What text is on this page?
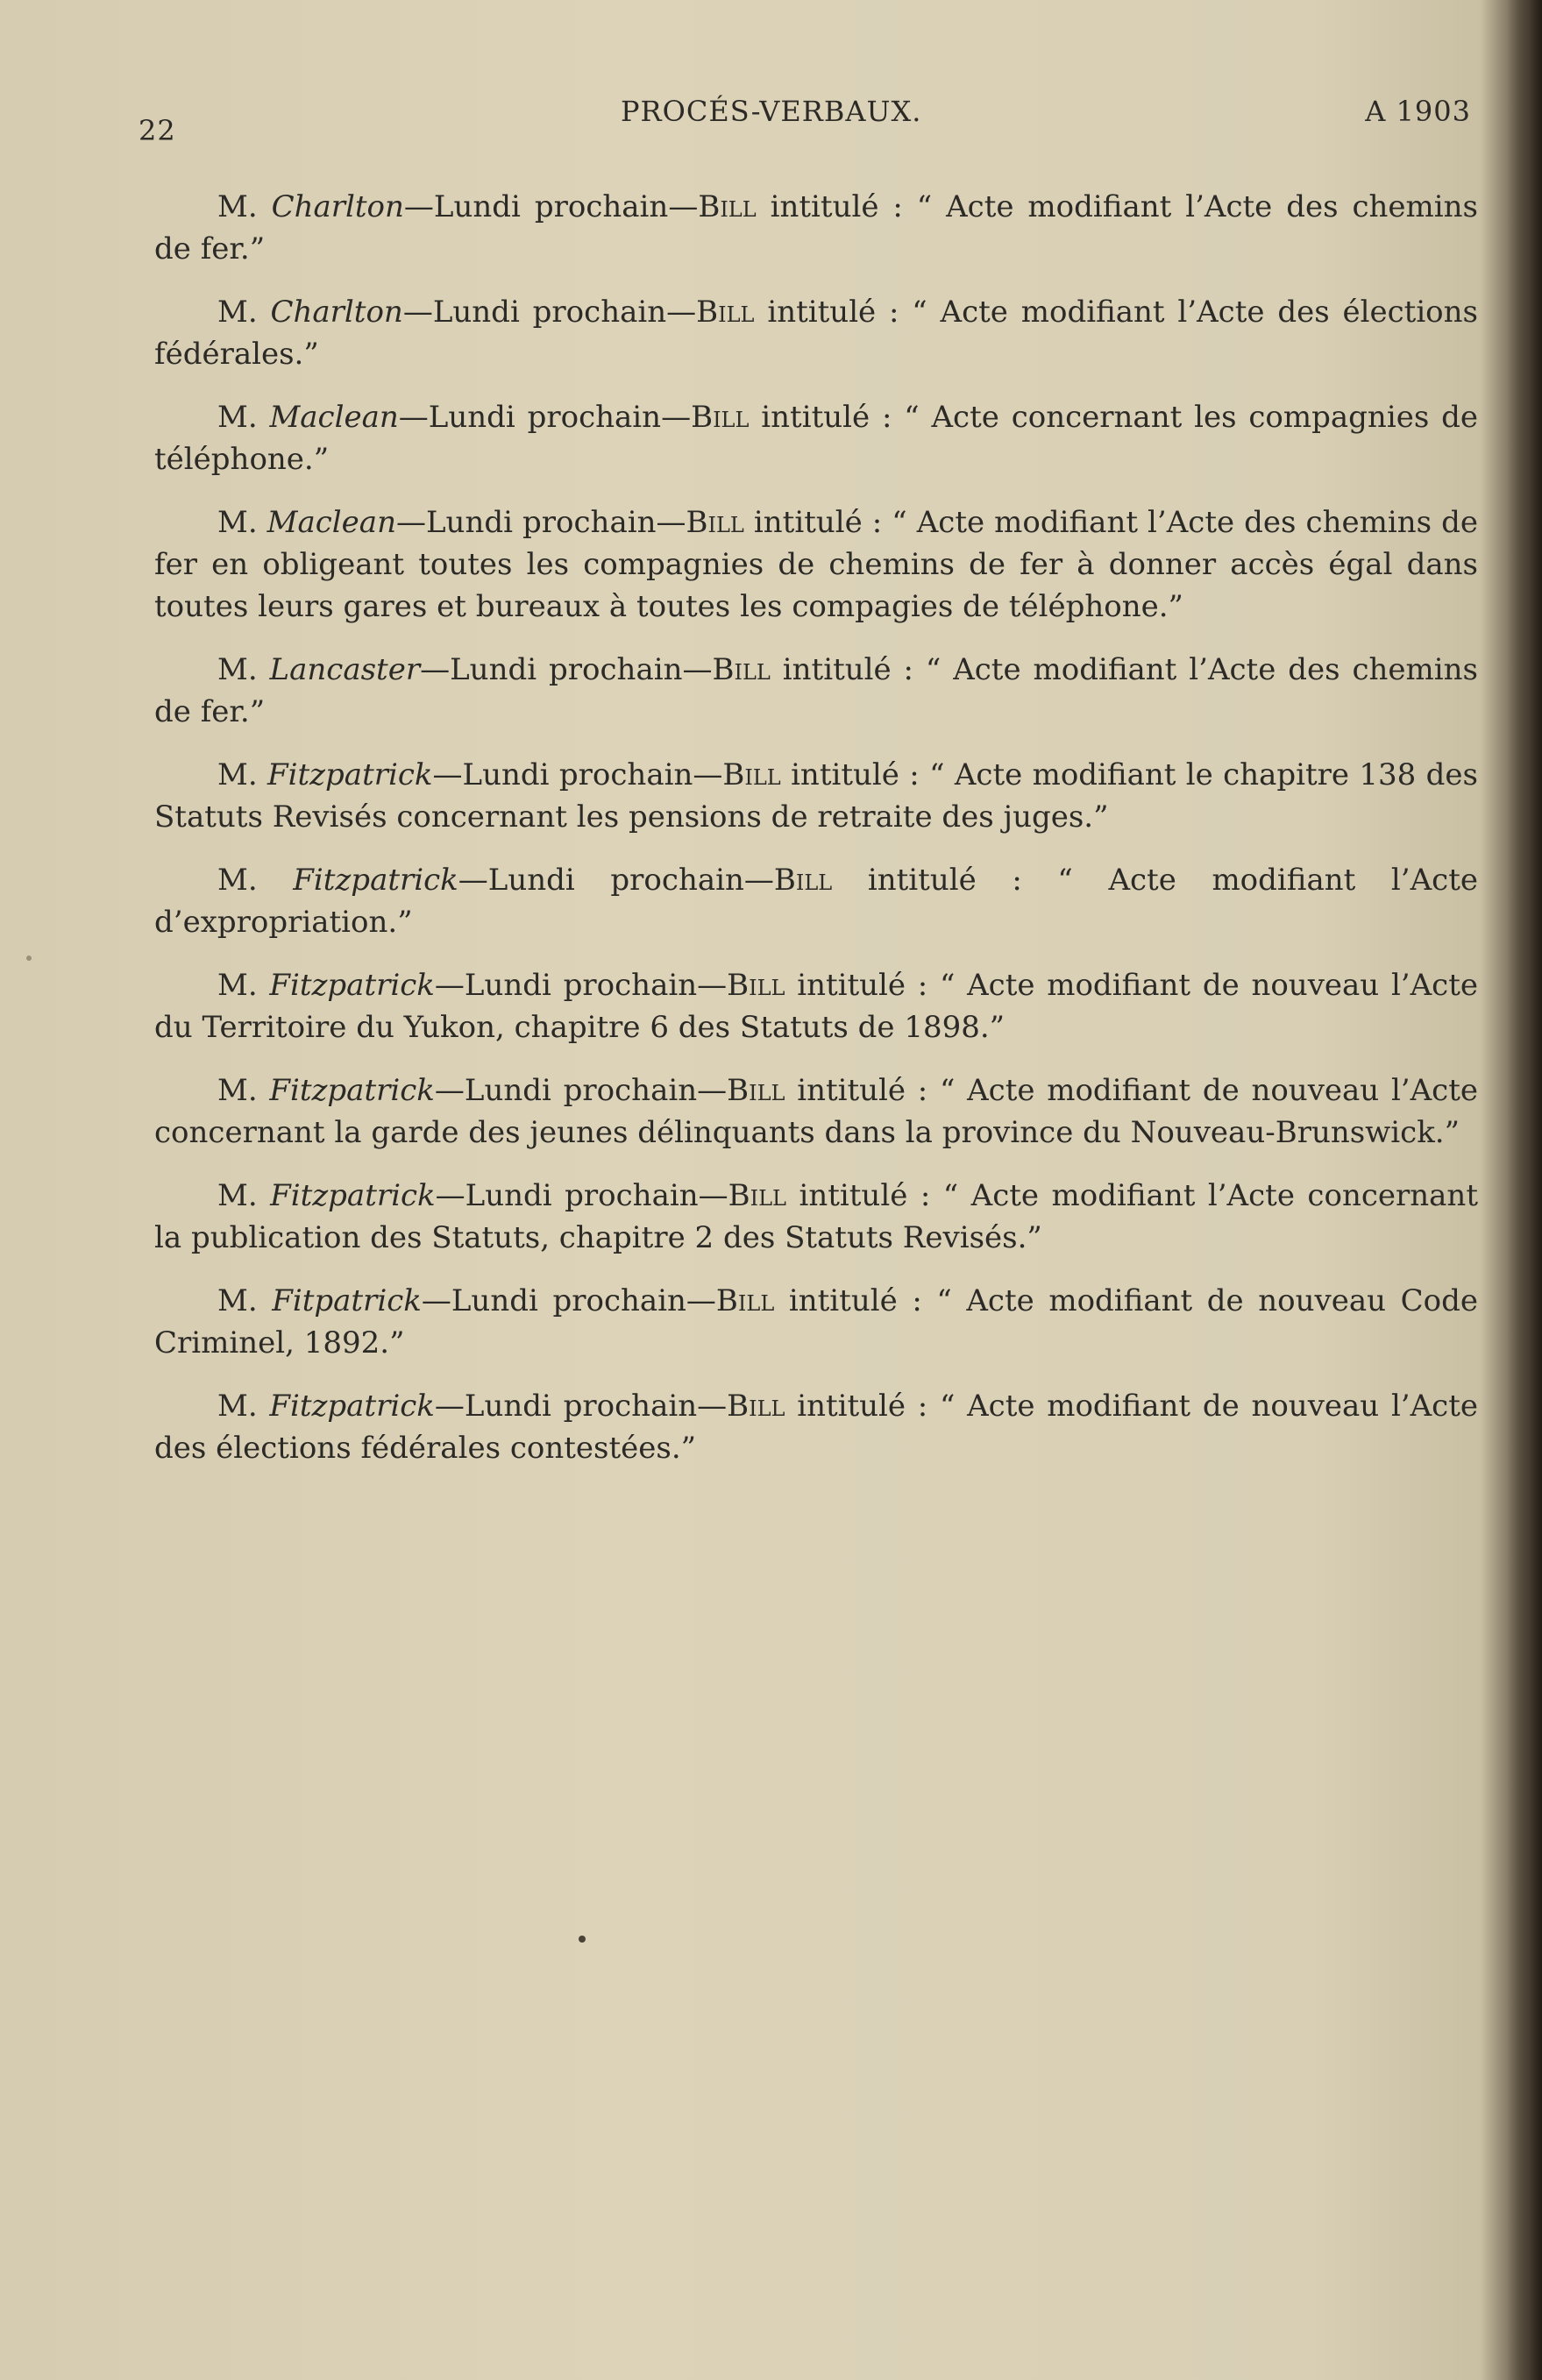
22
PROCÉS-VERBAUX.	A 1903

M. Charlton—Lundi prochain—Bill intitulé : “ Acte modifiant l’Acte des chemins de fer.”

M. Charlton—Lundi prochain—Bill intitulé : “ Acte modifiant l’Acte des élections fédérales.”

M. Maclean—Lundi prochain—Bill intitulé : “ Acte concernant les compagnies de téléphone.”

M. Maclean—Lundi prochain—Bill intitulé : “ Acte modifiant l’Acte des chemins de fer en obligeant toutes les compagnies de chemins de fer à donner accès égal dans toutes leurs gares et bureaux à toutes les compagies de téléphone.”

M. Lancaster—Lundi prochain—Bill intitulé : “ Acte modifiant l’Acte des chemins de fer.”

M. Fitzpatrick—Lundi prochain—Bill intitulé : “ Acte modifiant le chapitre 138 des Statuts Revisés concernant les pensions de retraite des juges.”

M. Fitzpatrick—Lundi prochain—Bill intitulé : “ Acte modifiant l’Acte d’expropriation.”

M. Fitzpatrick—Lundi prochain—Bill intitulé : “ Acte modifiant de nouveau l’Acte du Territoire du Yukon, chapitre 6 des Statuts de 1898.”

M. Fitzpatrick—Lundi prochain—Bill intitulé : “ Acte modifiant de nouveau l’Acte concernant la garde des jeunes délinquants dans la province du Nouveau-Brunswick.”

M. Fitzpatrick—Lundi prochain—Bill intitulé : “ Acte modifiant l’Acte concernant la publication des Statuts, chapitre 2 des Statuts Revisés.”

M. Fitpatrick—Lundi prochain—Bill intitulé : “ Acte modifiant de nouveau Code Criminel, 1892.”

M. Fitzpatrick—Lundi prochain—Bill intitulé : “ Acte modifiant de nouveau l’Acte des élections fédérales contestées.”
